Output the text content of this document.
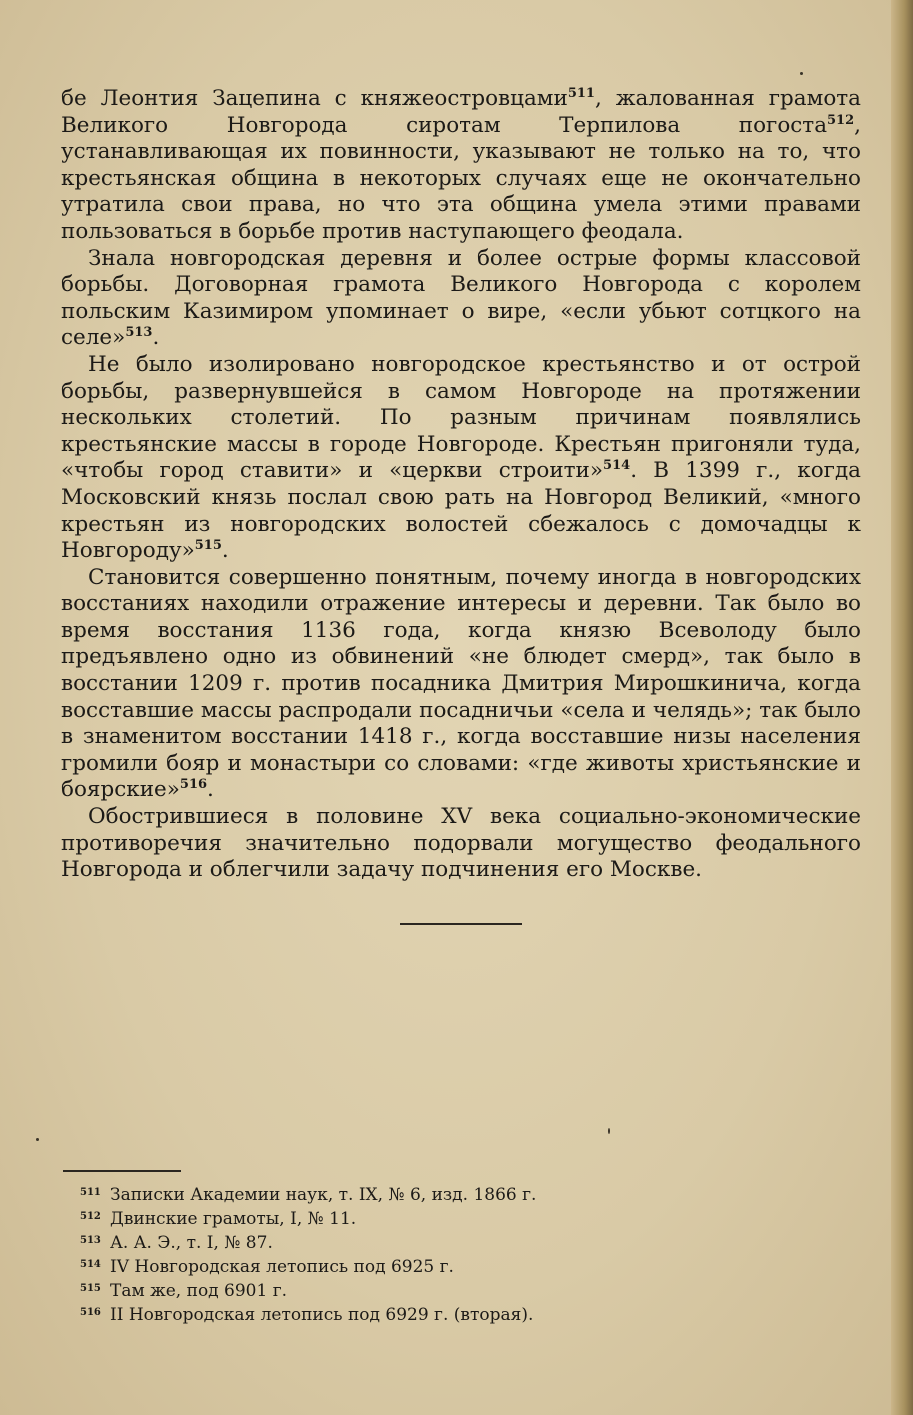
бе Леонтия Зацепина с княжеостровцами$^{511}$, жалованная грамота Великого Новгорода сиротам Терпилова погоста$^{512}$, устанавливающая их повинности, указывают не только на то, что крестьянская община в некоторых случаях еще не окончательно утратила свои права, но что эта община умела этими правами пользоваться в борьбе против наступающего феодала.

Знала новгородская деревня и более острые формы классовой борьбы. Договорная грамота Великого Новгорода с королем польским Казимиром упоминает о вире, «если убьют сотцкого на селе»$^{513}$.

Не было изолировано новгородское крестьянство и от острой борьбы, развернувшейся в самом Новгороде на протяжении нескольких столетий. По разным причинам появлялись крестьянские массы в городе Новгороде. Крестьян пригоняли туда, «чтобы город ставити» и «церкви строити»$^{514}$. В 1399 г., когда Московский князь послал свою рать на Новгород Великий, «много крестьян из новгородских волостей сбежалось с домочадцы к Новгороду»$^{515}$.

Становится совершенно понятным, почему иногда в новгородских восстаниях находили отражение интересы и деревни. Так было во время восстания 1136 года, когда князю Всеволоду было предъявлено одно из обвинений «не блюдет смерд», так было в восстании 1209 г. против посадника Дмитрия Мирошкинича, когда восставшие массы распродали посадничьи «села и челядь»; так было в знаменитом восстании 1418 г., когда восставшие низы населения громили бояр и монастыри со словами: «где животы христьянские и боярские»$^{516}$.

Обострившиеся в половине XV века социально-экономические противоречия значительно подорвали могущество феодального Новгорода и облегчили задачу подчинения его Москве.

511 Записки Академии наук, т. IX, № 6, изд. 1866 г.
512 Двинские грамоты, I, № 11.
513 А. А. Э., т. I, № 87.
514 IV Новгородская летопись под 6925 г.
515 Там же, под 6901 г.
516 II Новгородская летопись под 6929 г. (вторая).
